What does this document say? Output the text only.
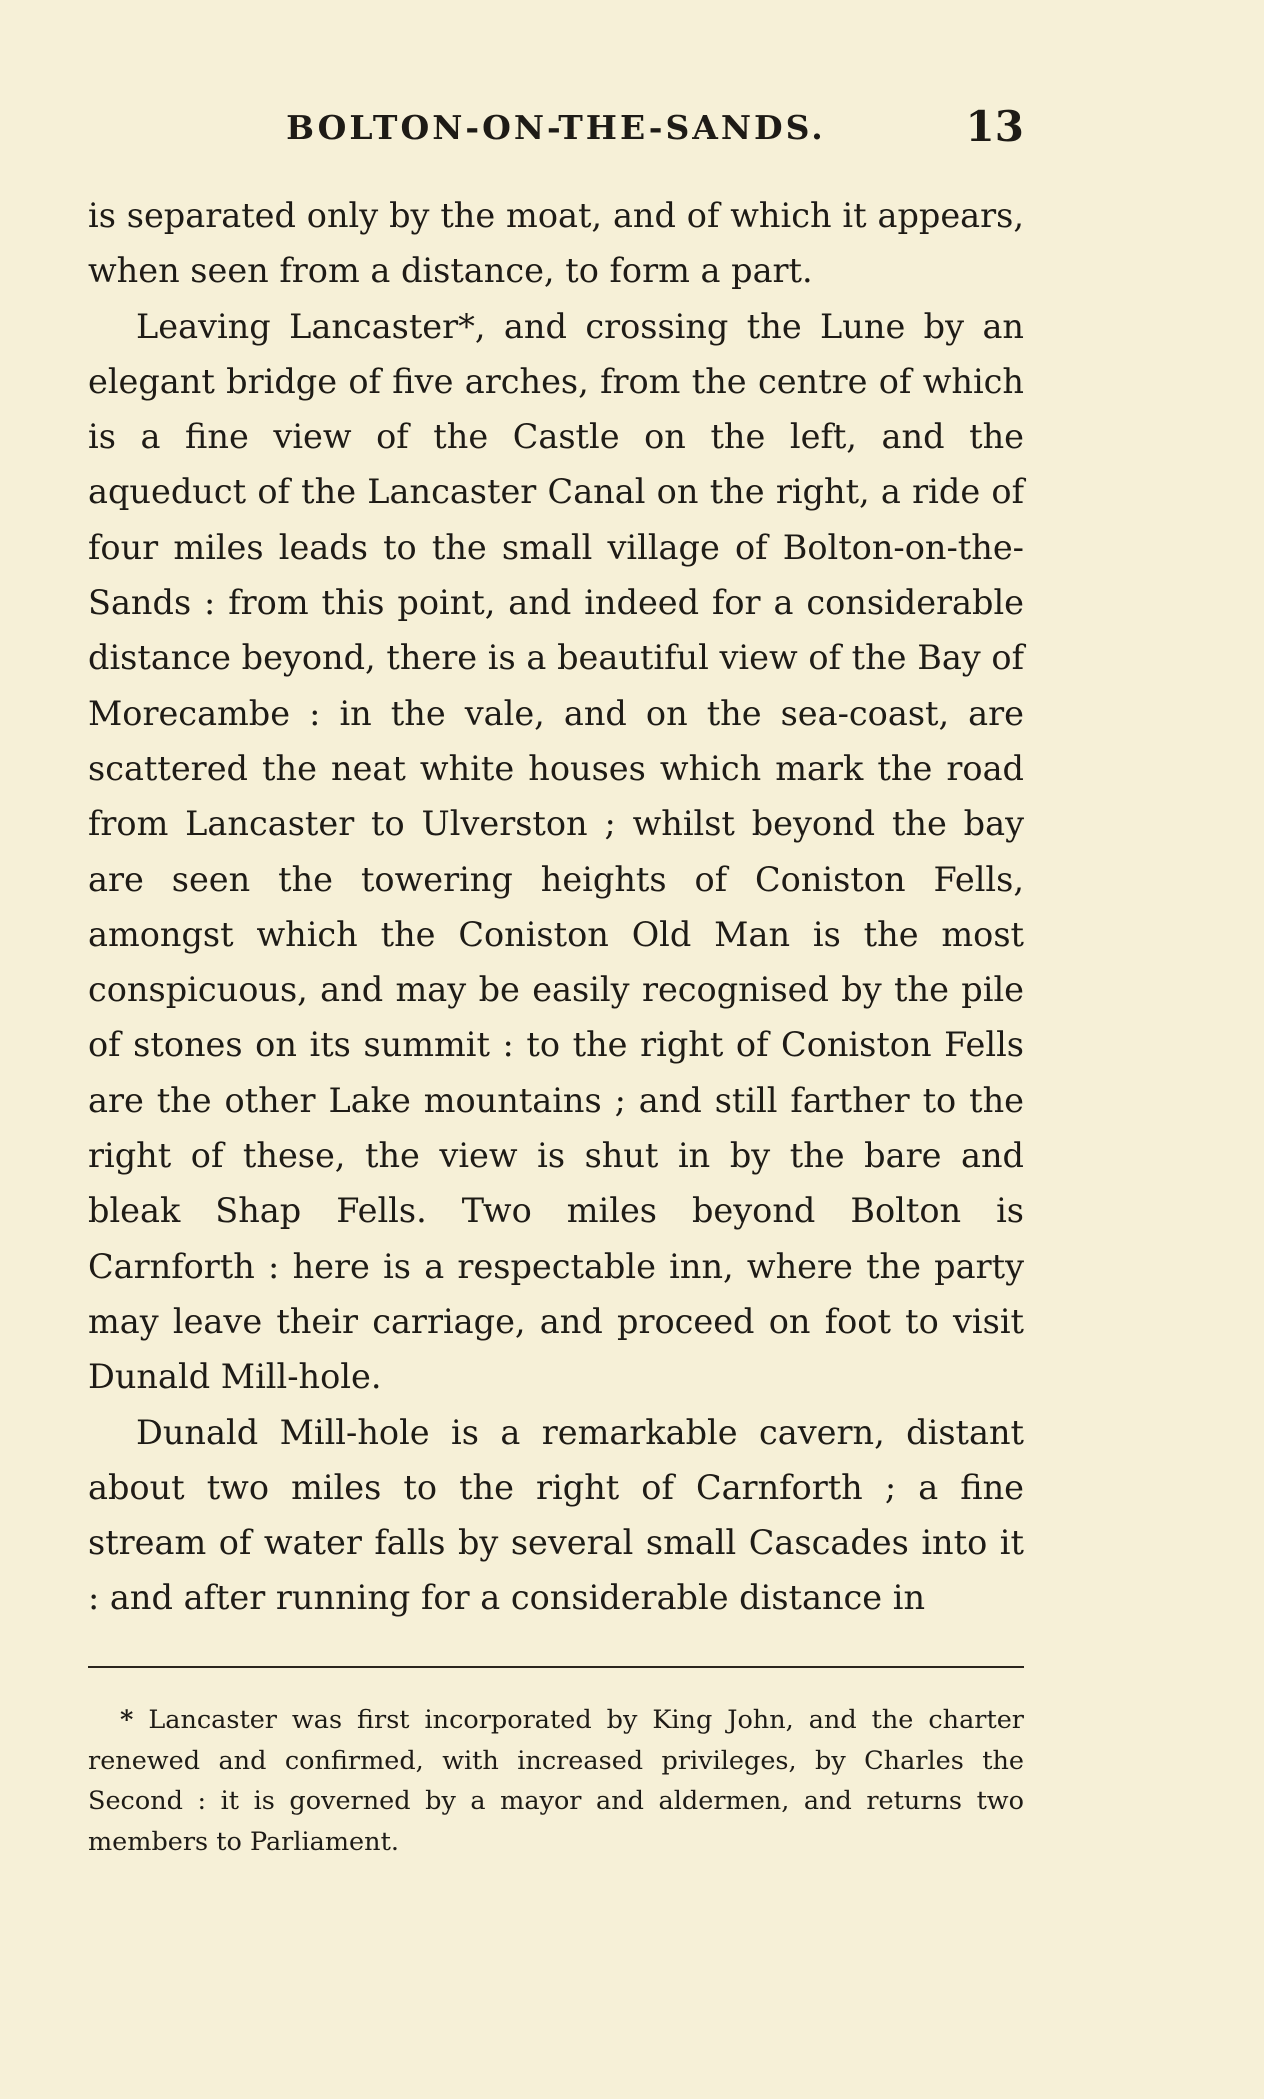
BOLTON-ON-THE-SANDS.	13

is separated only by the moat, and of which it appears, when seen from a distance, to form a part.

Leaving Lancaster*, and crossing the Lune by an elegant bridge of five arches, from the centre of which is a fine view of the Castle on the left, and the aqueduct of the Lancaster Canal on the right, a ride of four miles leads to the small village of Bolton-on-the-Sands : from this point, and indeed for a considerable distance beyond, there is a beautiful view of the Bay of Morecambe : in the vale, and on the sea-coast, are scattered the neat white houses which mark the road from Lancaster to Ulverston ; whilst beyond the bay are seen the towering heights of Coniston Fells, amongst which the Coniston Old Man is the most conspicuous, and may be easily recognised by the pile of stones on its summit : to the right of Coniston Fells are the other Lake mountains ; and still farther to the right of these, the view is shut in by the bare and bleak Shap Fells. Two miles beyond Bolton is Carnforth : here is a respectable inn, where the party may leave their carriage, and proceed on foot to visit Dunald Mill-hole.

Dunald Mill-hole is a remarkable cavern, distant about two miles to the right of Carnforth ; a fine stream of water falls by several small Cascades into it : and after running for a considerable distance in

* Lancaster was first incorporated by King John, and the charter renewed and confirmed, with increased privileges, by Charles the Second : it is governed by a mayor and aldermen, and returns two members to Parliament.
